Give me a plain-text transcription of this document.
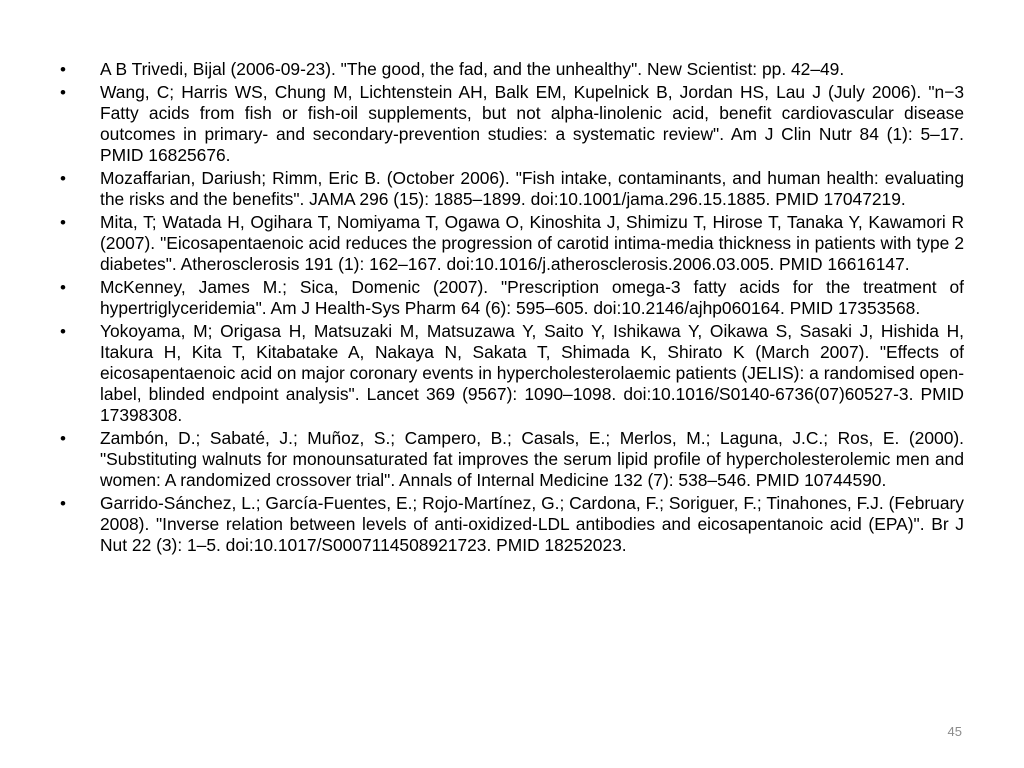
•	A B Trivedi, Bijal (2006-09-23). "The good, the fad, and the unhealthy". New Scientist: pp. 42–49.
•	Wang, C; Harris WS, Chung M, Lichtenstein AH, Balk EM, Kupelnick B, Jordan HS, Lau J (July 2006). "n−3 Fatty acids from fish or fish-oil supplements, but not alpha-linolenic acid, benefit cardiovascular disease outcomes in primary- and secondary-prevention studies: a systematic review". Am J Clin Nutr 84 (1): 5–17. PMID 16825676.
•	Mozaffarian, Dariush; Rimm, Eric B. (October 2006). "Fish intake, contaminants, and human health: evaluating the risks and the benefits". JAMA 296 (15): 1885–1899. doi:10.1001/jama.296.15.1885. PMID 17047219.
•	Mita, T; Watada H, Ogihara T, Nomiyama T, Ogawa O, Kinoshita J, Shimizu T, Hirose T, Tanaka Y, Kawamori R (2007). "Eicosapentaenoic acid reduces the progression of carotid intima-media thickness in patients with type 2 diabetes". Atherosclerosis 191 (1): 162–167. doi:10.1016/j.atherosclerosis.2006.03.005. PMID 16616147.
•	McKenney, James M.; Sica, Domenic (2007). "Prescription omega-3 fatty acids for the treatment of hypertriglyceridemia". Am J Health-Sys Pharm 64 (6): 595–605. doi:10.2146/ajhp060164. PMID 17353568.
•	Yokoyama, M; Origasa H, Matsuzaki M, Matsuzawa Y, Saito Y, Ishikawa Y, Oikawa S, Sasaki J, Hishida H, Itakura H, Kita T, Kitabatake A, Nakaya N, Sakata T, Shimada K, Shirato K (March 2007). "Effects of eicosapentaenoic acid on major coronary events in hypercholesterolaemic patients (JELIS): a randomised open-label, blinded endpoint analysis". Lancet 369 (9567): 1090–1098. doi:10.1016/S0140-6736(07)60527-3. PMID 17398308.
•	Zambón, D.; Sabaté, J.; Muñoz, S.; Campero, B.; Casals, E.; Merlos, M.; Laguna, J.C.; Ros, E. (2000). "Substituting walnuts for monounsaturated fat improves the serum lipid profile of hypercholesterolemic men and women: A randomized crossover trial". Annals of Internal Medicine 132 (7): 538–546. PMID 10744590.
•	Garrido-Sánchez, L.; García-Fuentes, E.; Rojo-Martínez, G.; Cardona, F.; Soriguer, F.; Tinahones, F.J. (February 2008). "Inverse relation between levels of anti-oxidized-LDL antibodies and eicosapentanoic acid (EPA)". Br J Nut 22 (3): 1–5. doi:10.1017/S0007114508921723. PMID 18252023.
45
